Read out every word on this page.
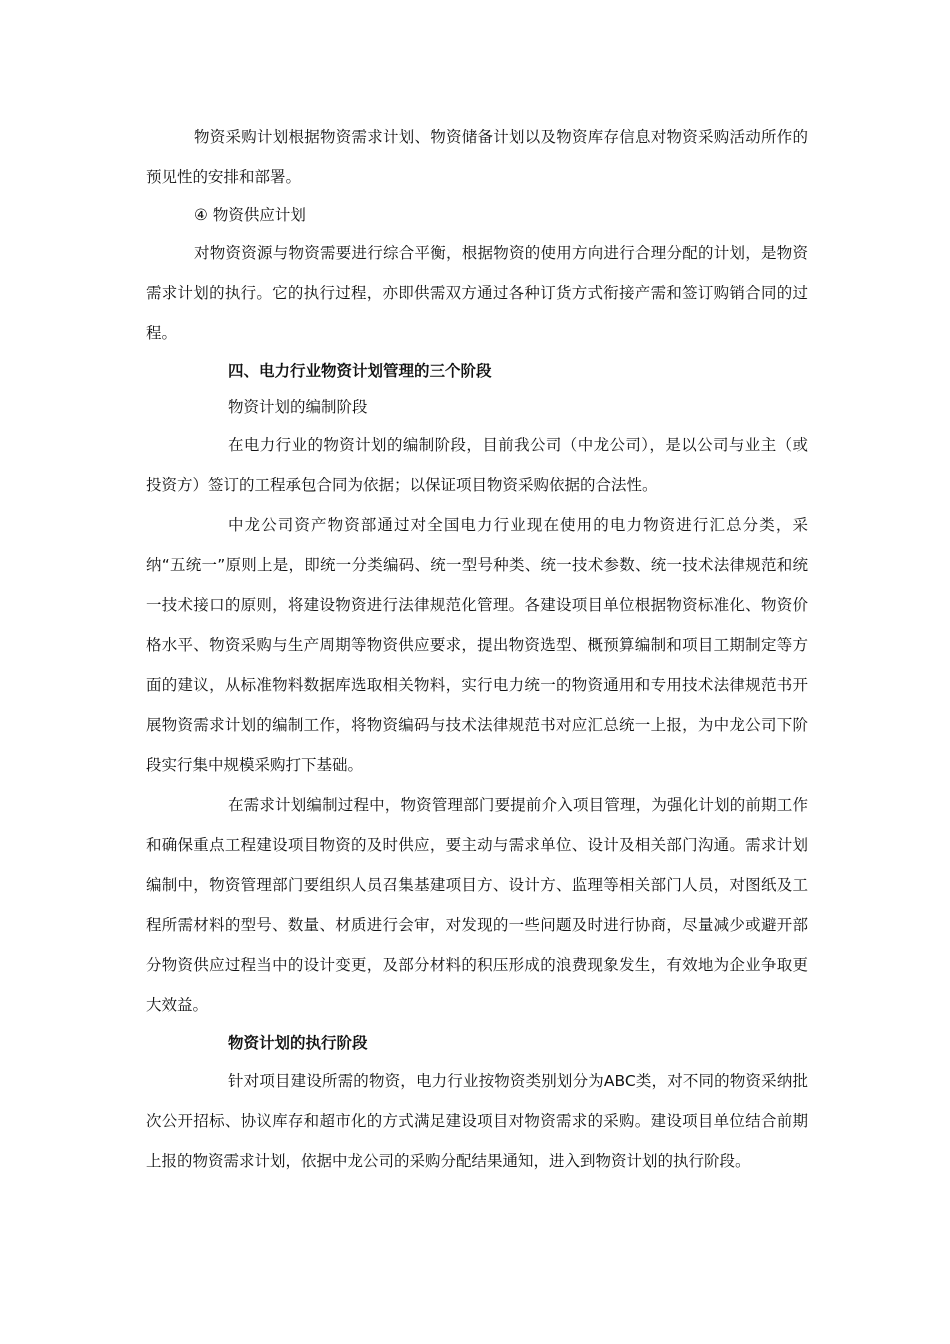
物资采购计划根据物资需求计划、物资储备计划以及物资库存信息对物资采购活动所作的预见性的安排和部署。

④ 物资供应计划

对物资资源与物资需要进行综合平衡，根据物资的使用方向进行合理分配的计划，是物资需求计划的执行。它的执行过程，亦即供需双方通过各种订货方式衔接产需和签订购销合同的过程。

四、电力行业物资计划管理的三个阶段

物资计划的编制阶段

在电力行业的物资计划的编制阶段，目前我公司（中龙公司），是以公司与业主（或投资方）签订的工程承包合同为依据；以保证项目物资采购依据的合法性。

中龙公司资产物资部通过对全国电力行业现在使用的电力物资进行汇总分类，采纳“五统一”原则上是，即统一分类编码、统一型号种类、统一技术参数、统一技术法律规范和统一技术接口的原则，将建设物资进行法律规范化管理。各建设项目单位根据物资标准化、物资价格水平、物资采购与生产周期等物资供应要求，提出物资选型、概预算编制和项目工期制定等方面的建议，从标准物料数据库选取相关物料，实行电力统一的物资通用和专用技术法律规范书开展物资需求计划的编制工作，将物资编码与技术法律规范书对应汇总统一上报，为中龙公司下阶段实行集中规模采购打下基础。

在需求计划编制过程中，物资管理部门要提前介入项目管理，为强化计划的前期工作和确保重点工程建设项目物资的及时供应，要主动与需求单位、设计及相关部门沟通。需求计划编制中，物资管理部门要组织人员召集基建项目方、设计方、监理等相关部门人员，对图纸及工程所需材料的型号、数量、材质进行会审，对发现的一些问题及时进行协商，尽量减少或避开部分物资供应过程当中的设计变更，及部分材料的积压形成的浪费现象发生，有效地为企业争取更大效益。

物资计划的执行阶段

针对项目建设所需的物资，电力行业按物资类别划分为ABC类，对不同的物资采纳批次公开招标、协议库存和超市化的方式满足建设项目对物资需求的采购。建设项目单位结合前期上报的物资需求计划，依据中龙公司的采购分配结果通知，进入到物资计划的执行阶段。
